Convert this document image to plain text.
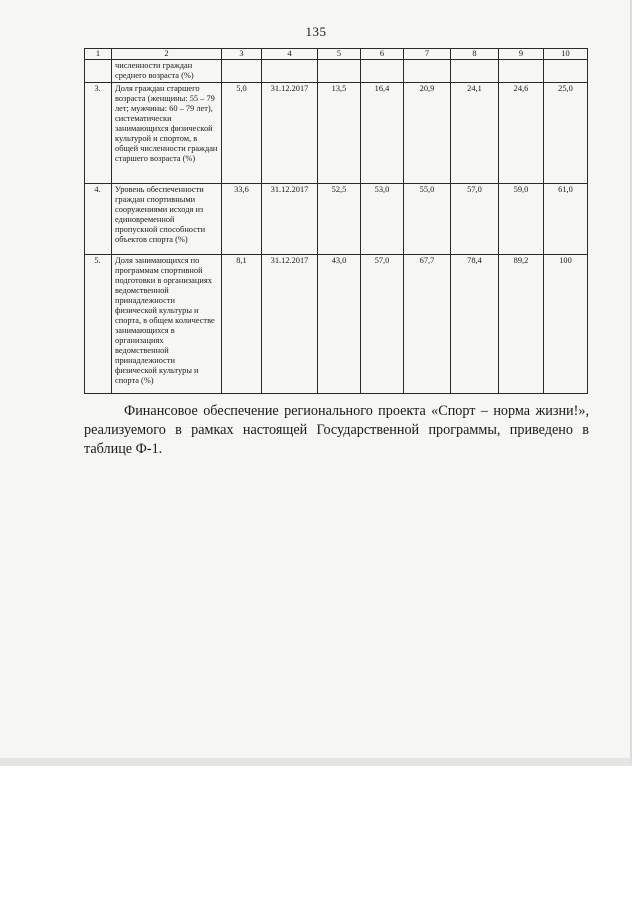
135
1	2	3	4	5	6	7	8	9	10
	численности граждан среднего возраста (%)								
3.	Доля граждан старшего возраста (женщины: 55 – 79 лет; мужчины: 60 – 79 лет), систематически занимающихся физической культурой и спортом, в общей численности граждан старшего возраста (%)	5,0	31.12.2017	13,5	16,4	20,9	24,1	24,6	25,0
4.	Уровень обеспеченности граждан спортивными сооружениями исходя из единовременной пропускной способности объектов спорта (%)	33,6	31.12.2017	52,5	53,0	55,0	57,0	59,0	61,0
5.	Доля занимающихся по программам спортивной подготовки в организациях ведомственной принадлежности физической культуры и спорта, в общем количестве занимающихся в организациях ведомственной принадлежности физической культуры и спорта (%)	8,1	31.12.2017	43,0	57,0	67,7	78,4	89,2	100

Финансовое обеспечение регионального проекта «Спорт – норма жизни!», реализуемого в рамках настоящей Государственной программы, приведено в таблице Ф-1.
